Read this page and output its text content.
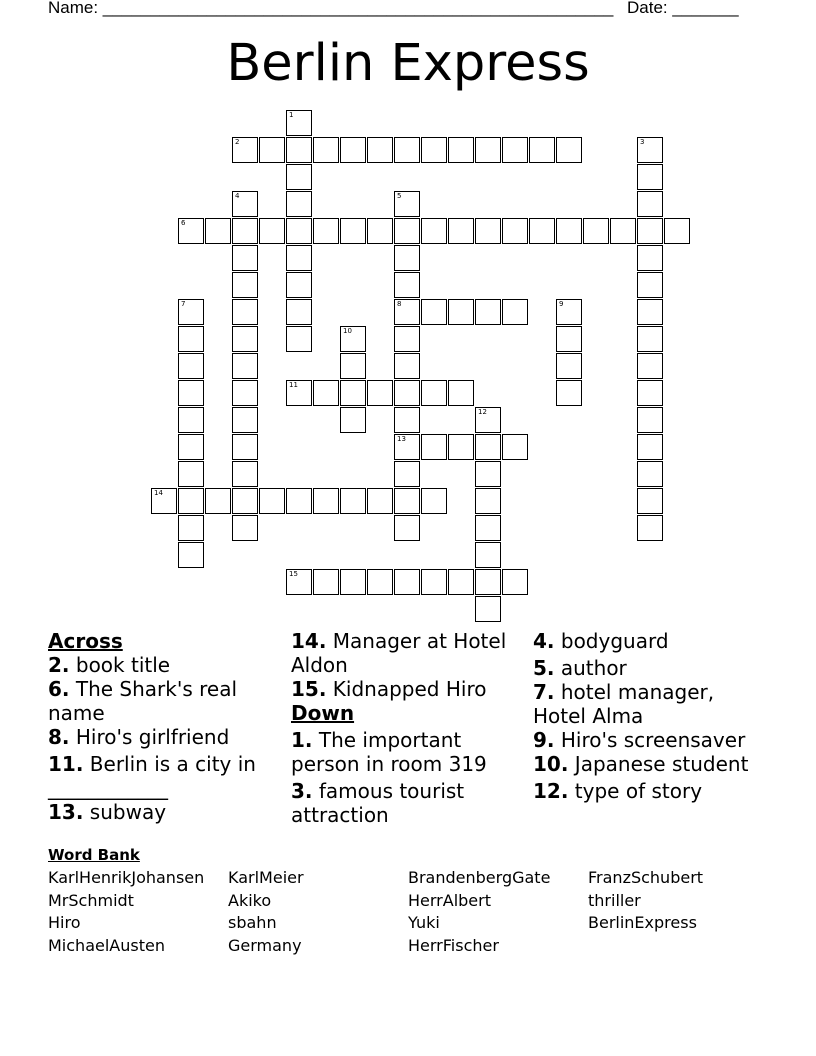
Name: ______________________________________________________ Date: _______
Berlin Express
2
6
8
11
13
14
15
1
3
4	5
7	9
10
12
Across
2. book title
6. The Shark's real name
8. Hiro's girlfriend
11. Berlin is a city in ____________
13. subway
14. Manager at Hotel Aldon
15. Kidnapped Hiro
Down
1. The important person in room 319
3. famous tourist attraction
4. bodyguard
5. author
7. hotel manager, Hotel Alma
9. Hiro's screensaver
10. Japanese student
12. type of story
Word Bank
KarlHenrikJohansen
MrSchmidt
Hiro
MichaelAusten
KarlMeier
Akiko
sbahn
Germany
BrandenbergGate
HerrAlbert
Yuki
HerrFischer
FranzSchubert
thriller
BerlinExpress
